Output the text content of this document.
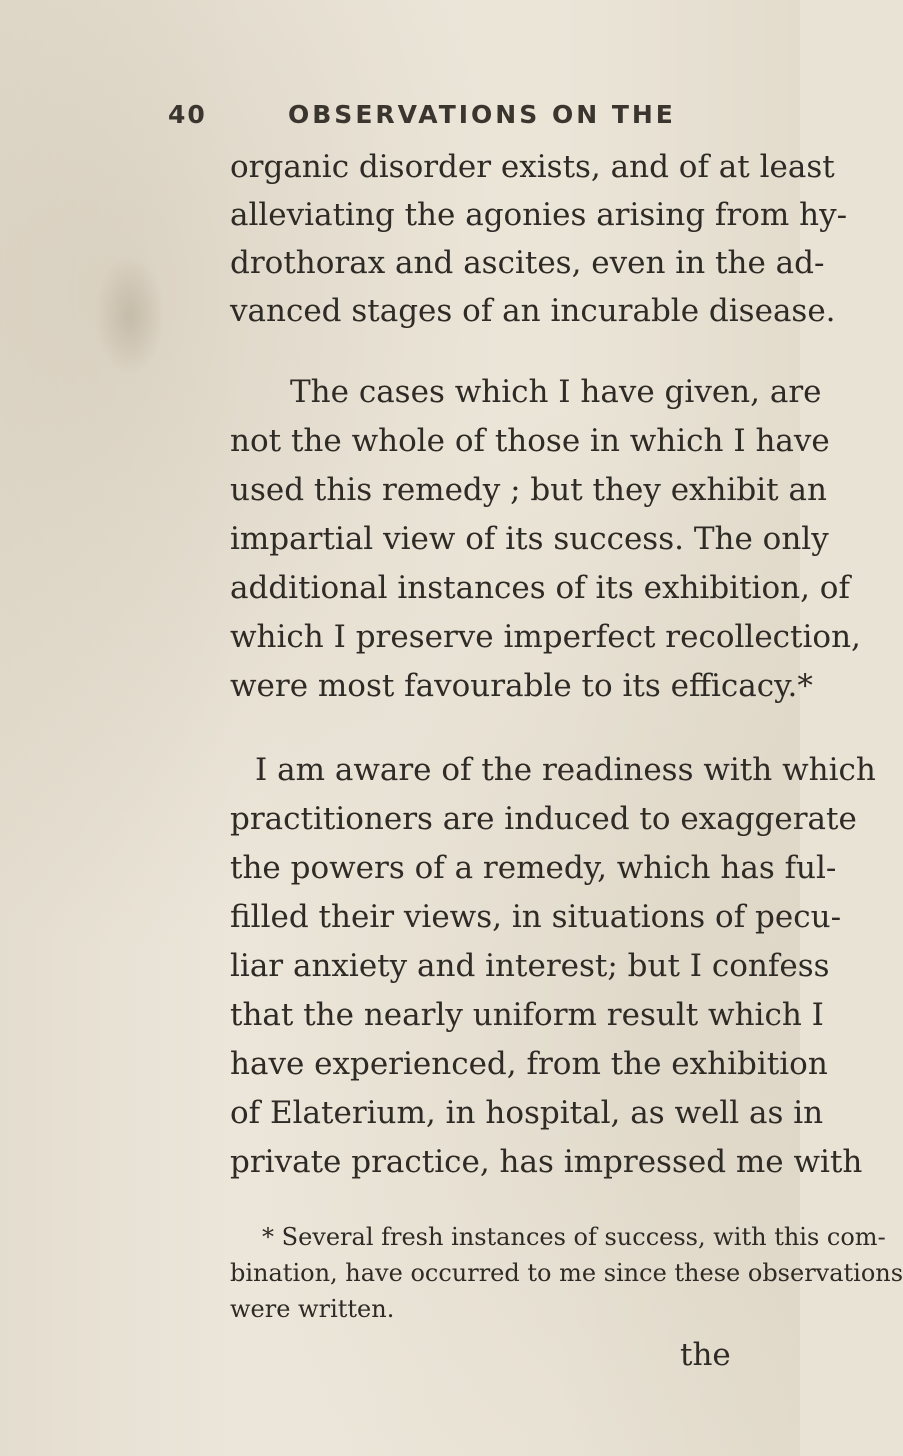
40	OBSERVATIONS ON THE
organic disorder exists, and of at least
alleviating the agonies arising from hy-
drothorax and ascites, even in the ad-
vanced stages of an incurable disease.
The cases which I have given, are
not the whole of those in which I have
used this remedy ; but they exhibit an
impartial view of its success. The only
additional instances of its exhibition, of
which I preserve imperfect recollection,
were most favourable to its efficacy.*
I am aware of the readiness with which
practitioners are induced to exaggerate
the powers of a remedy, which has ful-
filled their views, in situations of pecu-
liar anxiety and interest; but I confess
that the nearly uniform result which I
have experienced, from the exhibition
of Elaterium, in hospital, as well as in
private practice, has impressed me with
* Several fresh instances of success, with this com-
bination, have occurred to me since these observations
were written.
the
